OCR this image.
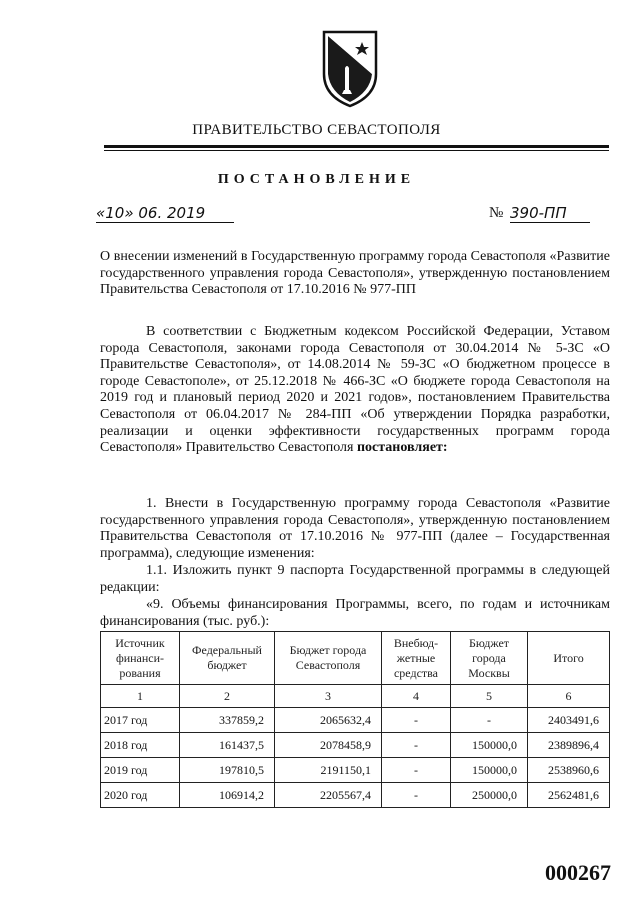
ПРАВИТЕЛЬСТВО СЕВАСТОПОЛЯ
ПОСТАНОВЛЕНИЕ
«10» 06. 2019	№ 390-ПП
О внесении изменений в Государственную программу города Севастополя «Развитие государственного управления города Севастополя», утвержденную постановлением Правительства Севастополя от 17.10.2016 № 977-ПП
В соответствии с Бюджетным кодексом Российской Федерации, Уставом города Севастополя, законами города Севастополя от 30.04.2014 № 5-ЗС «О Правительстве Севастополя», от 14.08.2014 № 59-ЗС «О бюджетном процессе в городе Севастополе», от 25.12.2018 № 466-ЗС «О бюджете города Севастополя на 2019 год и плановый период 2020 и 2021 годов», постановлением Правительства Севастополя от 06.04.2017 № 284-ПП «Об утверждении Порядка разработки, реализации и оценки эффективности государственных программ города Севастополя» Правительство Севастополя постановляет:
1. Внести в Государственную программу города Севастополя «Развитие государственного управления города Севастополя», утвержденную постановлением Правительства Севастополя от 17.10.2016 № 977-ПП (далее – Государственная программа), следующие изменения:
1.1. Изложить пункт 9 паспорта Государственной программы в следующей редакции:
«9. Объемы финансирования Программы, всего, по годам и источникам финансирования (тыс. руб.):
Источник финанси-рования	Федеральный бюджет	Бюджет города Севастополя	Внебюд-жетные средства	Бюджет города Москвы	Итого
1	2	3	4	5	6
2017 год	337859,2	2065632,4	-	-	2403491,6
2018 год	161437,5	2078458,9	-	150000,0	2389896,4
2019 год	197810,5	2191150,1	-	150000,0	2538960,6
2020 год	106914,2	2205567,4	-	250000,0	2562481,6
000267
